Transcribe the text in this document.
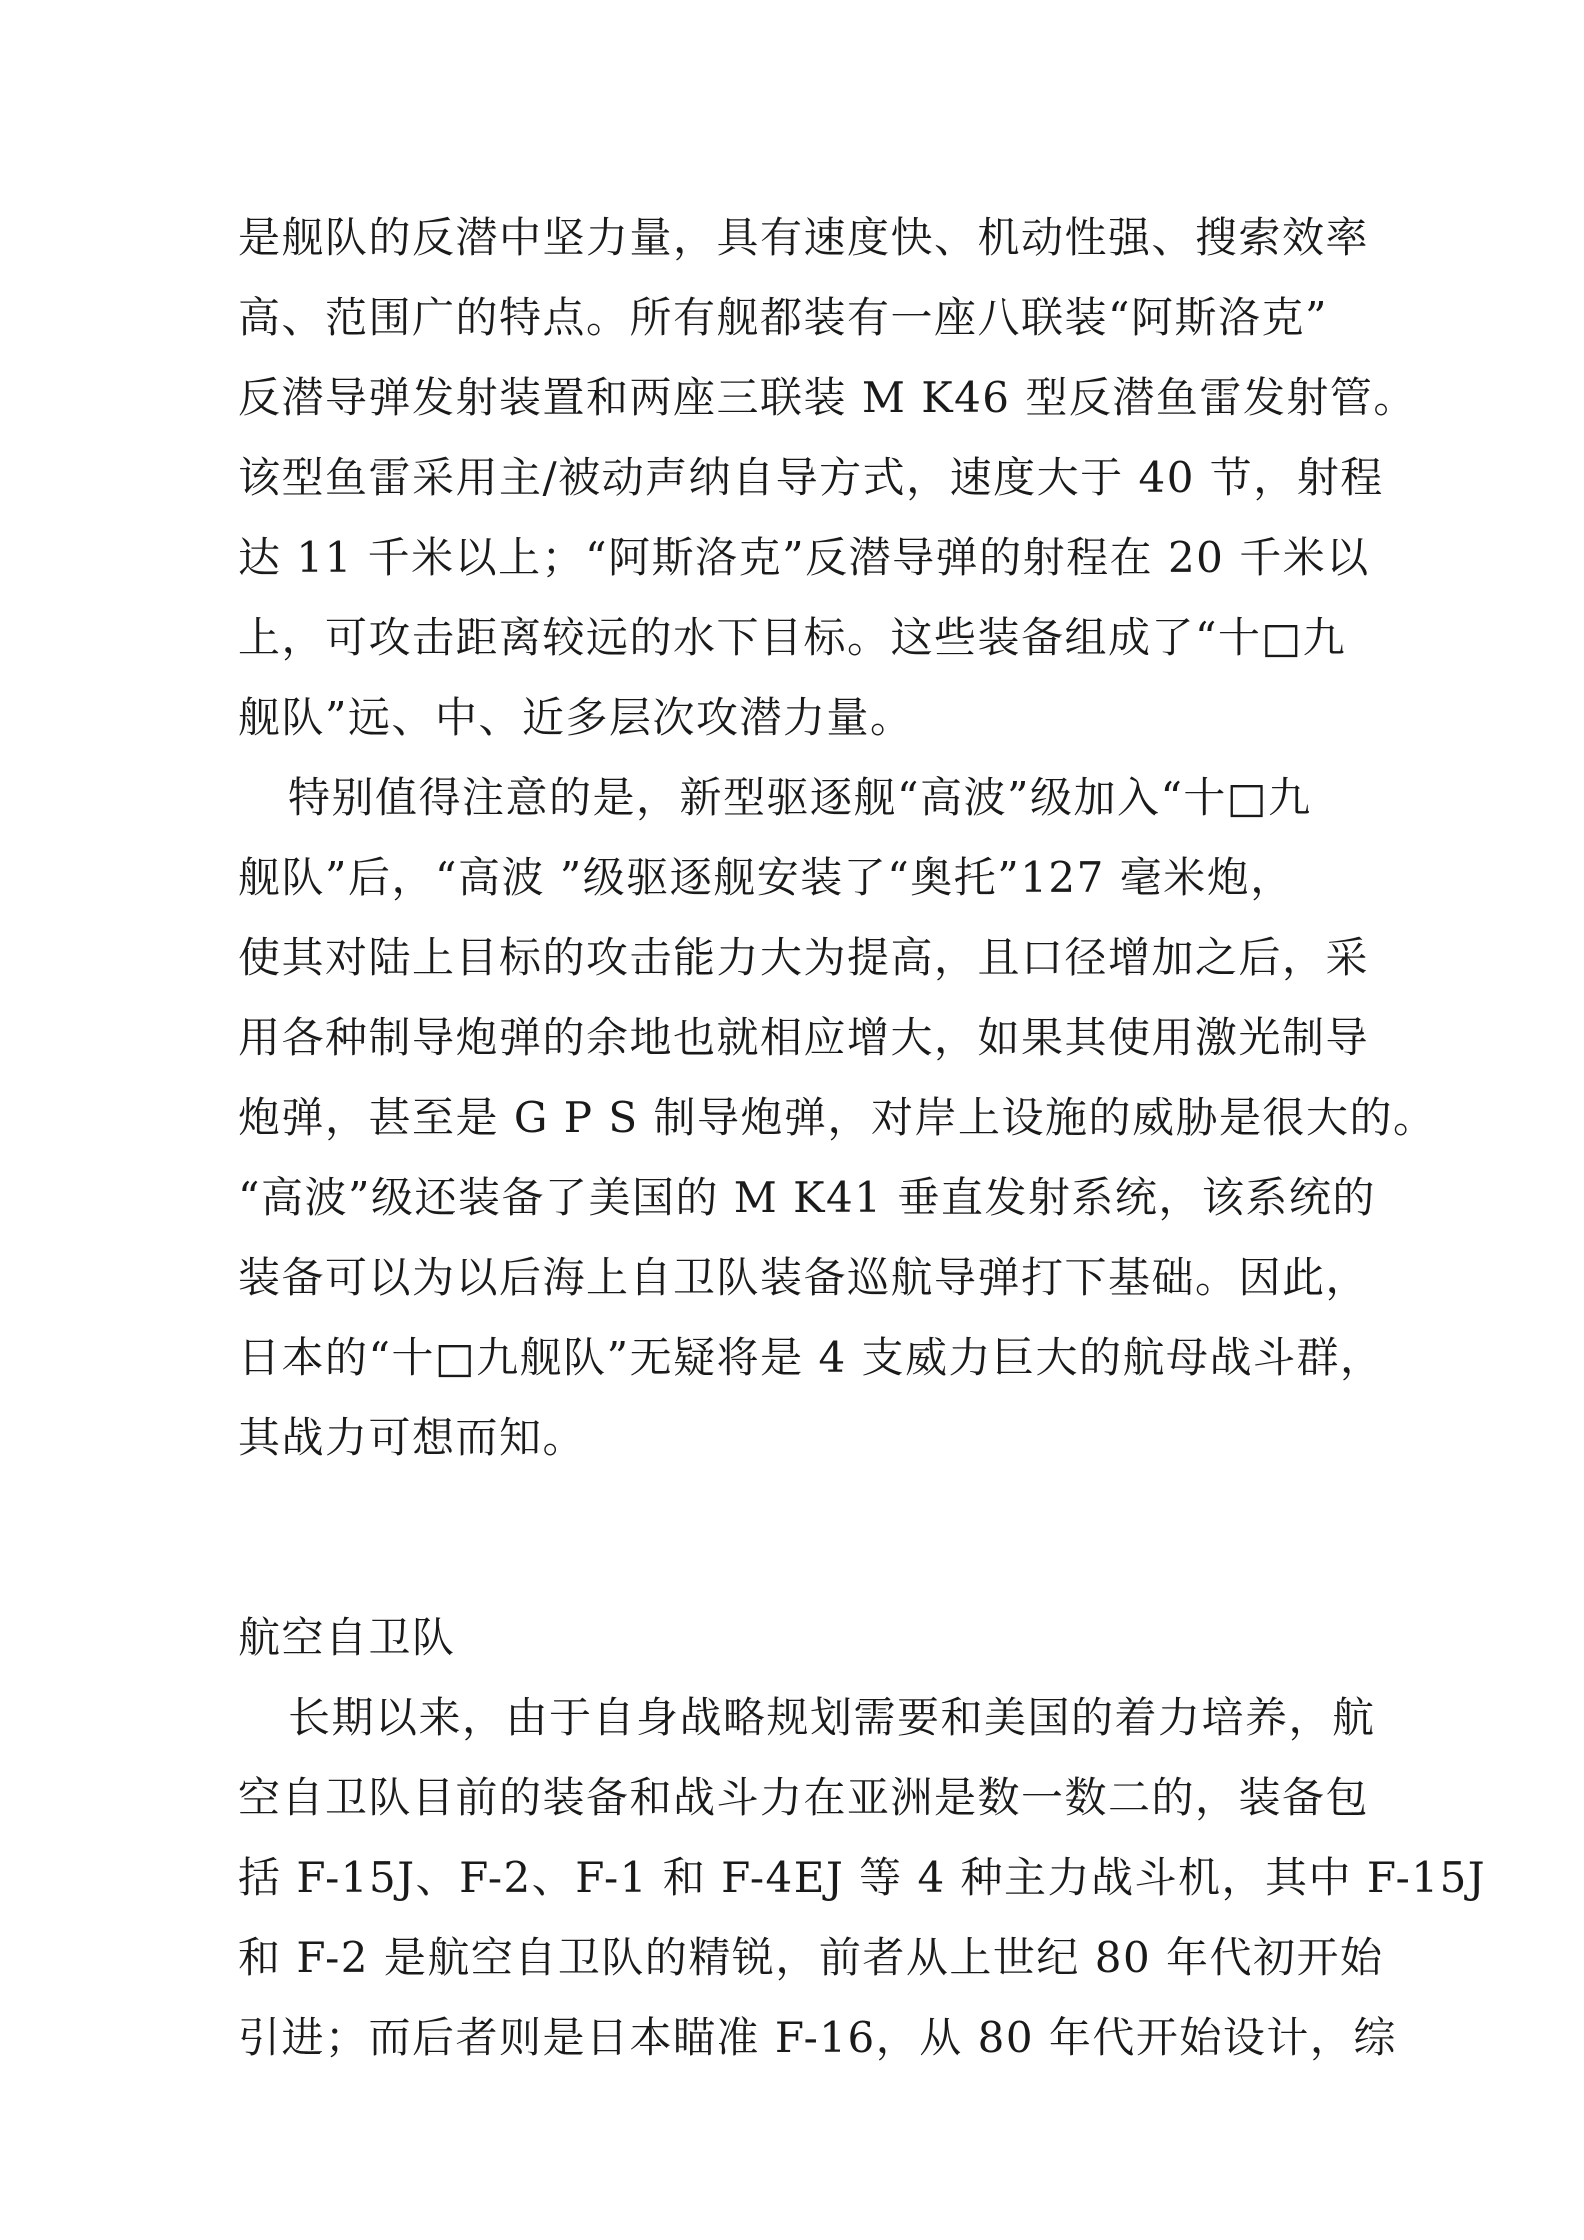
是舰队的反潜中坚力量，具有速度快、机动性强、搜索效率
高、范围广的特点。所有舰都装有一座八联装“阿斯洛克”
反潜导弹发射装置和两座三联装 M K46 型反潜鱼雷发射管。
该型鱼雷采用主/被动声纳自导方式，速度大于 40 节，射程
达 11 千米以上；“阿斯洛克”反潜导弹的射程在 20 千米以
上，可攻击距离较远的水下目标。这些装备组成了“十□九
舰队”远、中、近多层次攻潜力量。
特别值得注意的是，新型驱逐舰“高波”级加入“十□九
舰队”后，“高波 ”级驱逐舰安装了“奥托”127 毫米炮，
使其对陆上目标的攻击能力大为提高，且口径增加之后，采
用各种制导炮弹的余地也就相应增大，如果其使用激光制导
炮弹，甚至是 G P S 制导炮弹，对岸上设施的威胁是很大的。
“高波”级还装备了美国的 M K41 垂直发射系统，该系统的
装备可以为以后海上自卫队装备巡航导弹打下基础。因此，
日本的“十□九舰队”无疑将是 4 支威力巨大的航母战斗群，
其战力可想而知。
航空自卫队
长期以来，由于自身战略规划需要和美国的着力培养，航
空自卫队目前的装备和战斗力在亚洲是数一数二的，装备包
括 F-15J、F-2、F-1 和 F-4EJ 等 4 种主力战斗机，其中 F-15J
和 F-2 是航空自卫队的精锐，前者从上世纪 80 年代初开始
引进；而后者则是日本瞄准 F-16，从 80 年代开始设计，综
